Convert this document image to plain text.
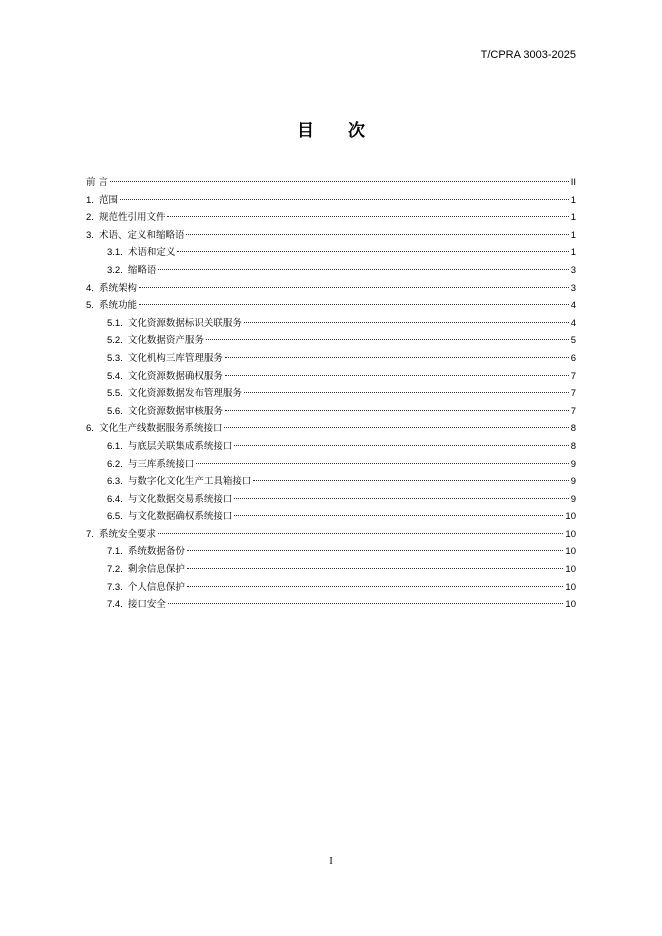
T/CPRA 3003-2025
目 次
前 言	II
1. 范围	1
2. 规范性引用文件	1
3. 术语、定义和缩略语	1
3.1. 术语和定义	1
3.2. 缩略语	3
4. 系统架构	3
5. 系统功能	4
5.1. 文化资源数据标识关联服务	4
5.2. 文化数据资产服务	5
5.3. 文化机构三库管理服务	6
5.4. 文化资源数据确权服务	7
5.5. 文化资源数据发布管理服务	7
5.6. 文化资源数据审核服务	7
6. 文化生产线数据服务系统接口	8
6.1. 与底层关联集成系统接口	8
6.2. 与三库系统接口	9
6.3. 与数字化文化生产工具箱接口	9
6.4. 与文化数据交易系统接口	9
6.5. 与文化数据确权系统接口	10
7. 系统安全要求	10
7.1. 系统数据备份	10
7.2. 剩余信息保护	10
7.3. 个人信息保护	10
7.4. 接口安全	10
I
